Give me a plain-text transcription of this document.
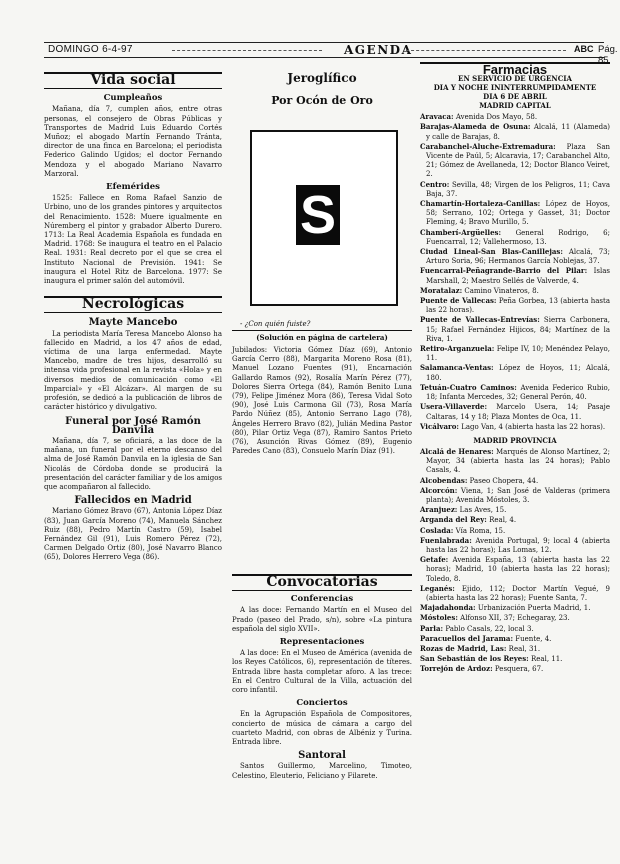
DOMINGO 6-4-97	AGENDA	ABC Pág. 85
Vida social
Cumpleaños
Mañana, día 7, cumplen años, entre otras personas, el consejero de Obras Públicas y Transportes de Madrid Luis Eduardo Cortés Muñoz; el abogado Martín Fernando Tránta, director de una finca en Barcelona; el periodista Federico Galindo Ugidos; el doctor Fernando Mendoza y el abogado Mariano Navarro Marzoral.
Efemérides
1525: Fallece en Roma Rafael Sanzio de Urbino, uno de los grandes pintores y arquitectos del Renacimiento. 1528: Muere igualmente en Núremberg el pintor y grabador Alberto Durero. 1713: La Real Academia Española es fundada en Madrid. 1768: Se inaugura el teatro en el Palacio Real. 1931: Real decreto por el que se crea el Instituto Nacional de Previsión. 1941: Se inaugura el Hotel Ritz de Barcelona. 1977: Se inaugura el primer salón del automóvil.
Necrológicas
Mayte Mancebo
La periodista María Teresa Mancebo Alonso ha fallecido en Madrid, a los 47 años de edad, víctima de una larga enfermedad. Mayte Mancebo, madre de tres hijos, desarrolló su intensa vida profesional en la revista «Hola» y en diversos medios de comunicación como «El Imparcial» y «El Alcázar». Al margen de su profesión, se dedicó a la publicación de libros de carácter histórico y divulgativo.
Funeral por José Ramón Danvila
Mañana, día 7, se oficiará, a las doce de la mañana, un funeral por el eterno descanso del alma de José Ramón Danvila en la iglesia de San Nicolás de Córdoba donde se producirá la presentación del carácter familiar y de los amigos que acompañaron al fallecido.
Fallecidos en Madrid
Mariano Gómez Bravo (67), Antonia López Díaz (83), Juan García Moreno (74), Manuela Sánchez Ruiz (88), Pedro Martín Castro (59), Isabel Fernández Gil (91), Luis Romero Pérez (72), Carmen Delgado Ortiz (80), José Navarro Blanco (65), Dolores Herrero Vega (86).
Jeroglífico
Por Ocón de Oro
S
- ¿Con quién fuiste?
(Solución en página de cartelera)
Jubilados: Victoria Gómez Díaz (69), Antonio García Cerro (88), Margarita Moreno Rosa (81), Manuel Lozano Fuentes (91), Encarnación Gallardo Ramos (92), Rosalía Marín Pérez (77), Dolores Sierra Ortega (84), Ramón Benito Luna (79), Felipe Jiménez Mora (86), Teresa Vidal Soto (90), José Luis Carmona Gil (73), Rosa María Pardo Núñez (85), Antonio Serrano Lago (78), Ángeles Herrero Bravo (82), Julián Medina Pastor (80), Pilar Ortiz Vega (87), Ramiro Santos Prieto (76), Asunción Rivas Gómez (89), Eugenio Paredes Cano (83), Consuelo Marín Díaz (91).
Convocatorias
Conferencias
A las doce: Fernando Martín en el Museo del Prado (paseo del Prado, s/n), sobre «La pintura española del siglo XVII».
Representaciones
A las doce: En el Museo de América (avenida de los Reyes Católicos, 6), representación de títeres. Entrada libre hasta completar aforo. A las trece: En el Centro Cultural de la Villa, actuación del coro infantil.
Conciertos
En la Agrupación Española de Compositores, concierto de música de cámara a cargo del cuarteto Madrid, con obras de Albéniz y Turina. Entrada libre.
Santoral
Santos Guillermo, Marcelino, Timoteo, Celestino, Eleuterio, Feliciano y Filarete.
Farmacias
EN SERVICIO DE URGENCIA
DIA Y NOCHE ININTERRUMPIDAMENTE
DIA 6 DE ABRIL
MADRID CAPITAL
Aravaca: Avenida Dos Mayo, 58.
Barajas-Alameda de Osuna: Alcalá, 11 (Alameda) y calle de Barajas, 8.
Carabanchel-Aluche-Extremadura: Plaza San Vicente de Paúl, 5; Alcaravia, 17; Carabanchel Alto, 21; Gómez de Avellaneda, 12; Doctor Blanco Veiret, 2.
Centro: Sevilla, 48; Virgen de los Peligros, 11; Cava Baja, 37.
Chamartín-Hortaleza-Canillas: López de Hoyos, 58; Serrano, 102; Ortega y Gasset, 31; Doctor Fleming, 4; Bravo Murillo, 5.
Chamberí-Argüelles: General Rodrigo, 6; Fuencarral, 12; Vallehermoso, 13.
Ciudad Lineal-San Blas-Canillejas: Alcalá, 73; Arturo Soria, 96; Hermanos García Noblejas, 37.
Fuencarral-Peñagrande-Barrio del Pilar: Islas Marshall, 2; Maestro Sellés de Valverde, 4.
Moratalaz: Camino Vinateros, 8.
Puente de Vallecas: Peña Gorbea, 13 (abierta hasta las 22 horas).
Puente de Vallecas-Entrevías: Sierra Carbonera, 15; Rafael Fernández Hijicos, 84; Martínez de la Riva, 1.
Retiro-Arganzuela: Felipe IV, 10; Menéndez Pelayo, 11.
Salamanca-Ventas: López de Hoyos, 11; Alcalá, 180.
Tetuán-Cuatro Caminos: Avenida Federico Rubio, 18; Infanta Mercedes, 32; General Perón, 40.
Usera-Villaverde: Marcelo Usera, 14; Pasaje Caltaras, 14 y 18; Plaza Montes de Oca, 11.
Vicálvaro: Lago Van, 4 (abierta hasta las 22 horas).
MADRID PROVINCIA
Alcalá de Henares: Marqués de Alonso Martínez, 2; Mayor, 34 (abierta hasta las 24 horas); Pablo Casals, 4.
Alcobendas: Paseo Chopera, 44.
Alcorcón: Viena, 1; San José de Valderas (primera planta); Avenida Móstoles, 3.
Aranjuez: Las Aves, 15.
Arganda del Rey: Real, 4.
Coslada: Vía Roma, 15.
Fuenlabrada: Avenida Portugal, 9; local 4 (abierta hasta las 22 horas); Las Lomas, 12.
Getafe: Avenida España, 13 (abierta hasta las 22 horas); Madrid, 10 (abierta hasta las 22 horas); Toledo, 8.
Leganés: Ejido, 112; Doctor Martín Vegué, 9 (abierta hasta las 22 horas); Fuente Santa, 7.
Majadahonda: Urbanización Puerta Madrid, 1.
Móstoles: Alfonso XII, 37; Echegaray, 23.
Parla: Pablo Casals, 22, local 3.
Paracuellos del Jarama: Fuente, 4.
Rozas de Madrid, Las: Real, 31.
San Sebastián de los Reyes: Real, 11.
Torrejón de Ardoz: Pesquera, 67.
